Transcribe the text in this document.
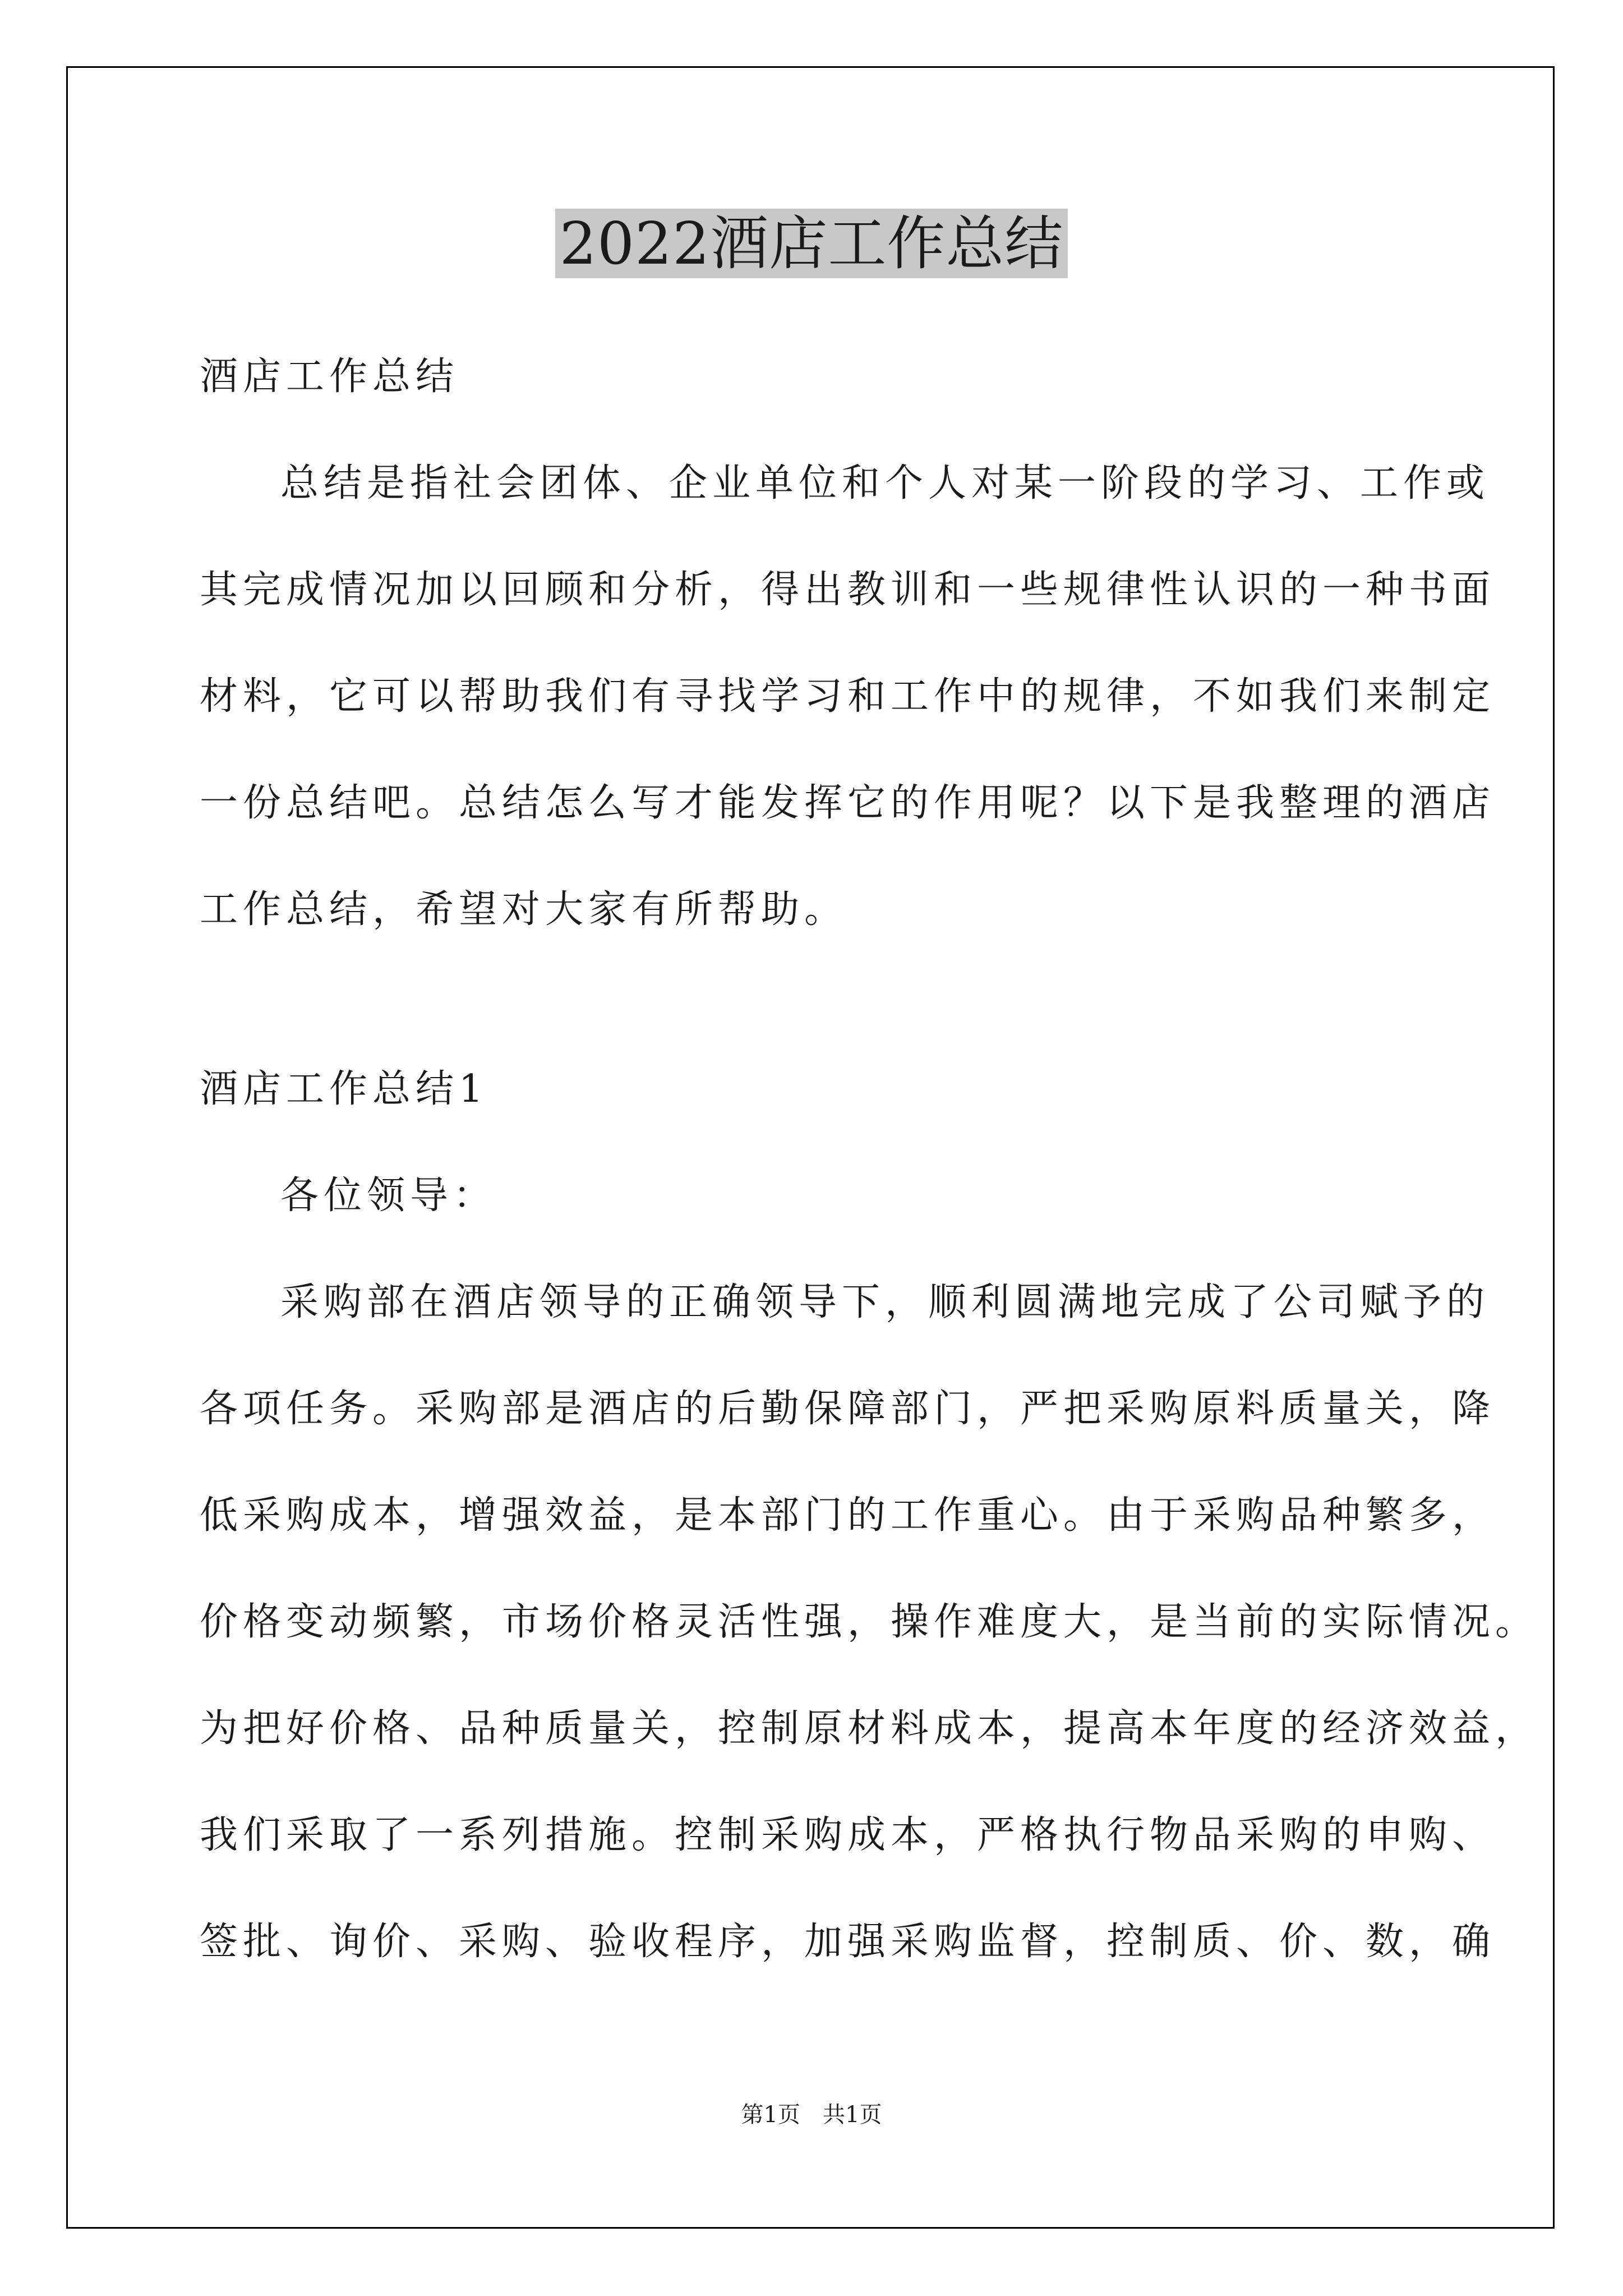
2022酒店工作总结
酒店工作总结
总结是指社会团体、企业单位和个人对某一阶段的学习、工作或
其完成情况加以回顾和分析，得出教训和一些规律性认识的一种书面
材料，它可以帮助我们有寻找学习和工作中的规律，不如我们来制定
一份总结吧。总结怎么写才能发挥它的作用呢？以下是我整理的酒店
工作总结，希望对大家有所帮助。
酒店工作总结1
各位领导：
采购部在酒店领导的正确领导下，顺利圆满地完成了公司赋予的
各项任务。采购部是酒店的后勤保障部门，严把采购原料质量关，降
低采购成本，增强效益，是本部门的工作重心。由于采购品种繁多，
价格变动频繁，市场价格灵活性强，操作难度大，是当前的实际情况。
为把好价格、品种质量关，控制原材料成本，提高本年度的经济效益，
我们采取了一系列措施。控制采购成本，严格执行物品采购的申购、
签批、询价、采购、验收程序，加强采购监督，控制质、价、数，确
第1页　共1页
